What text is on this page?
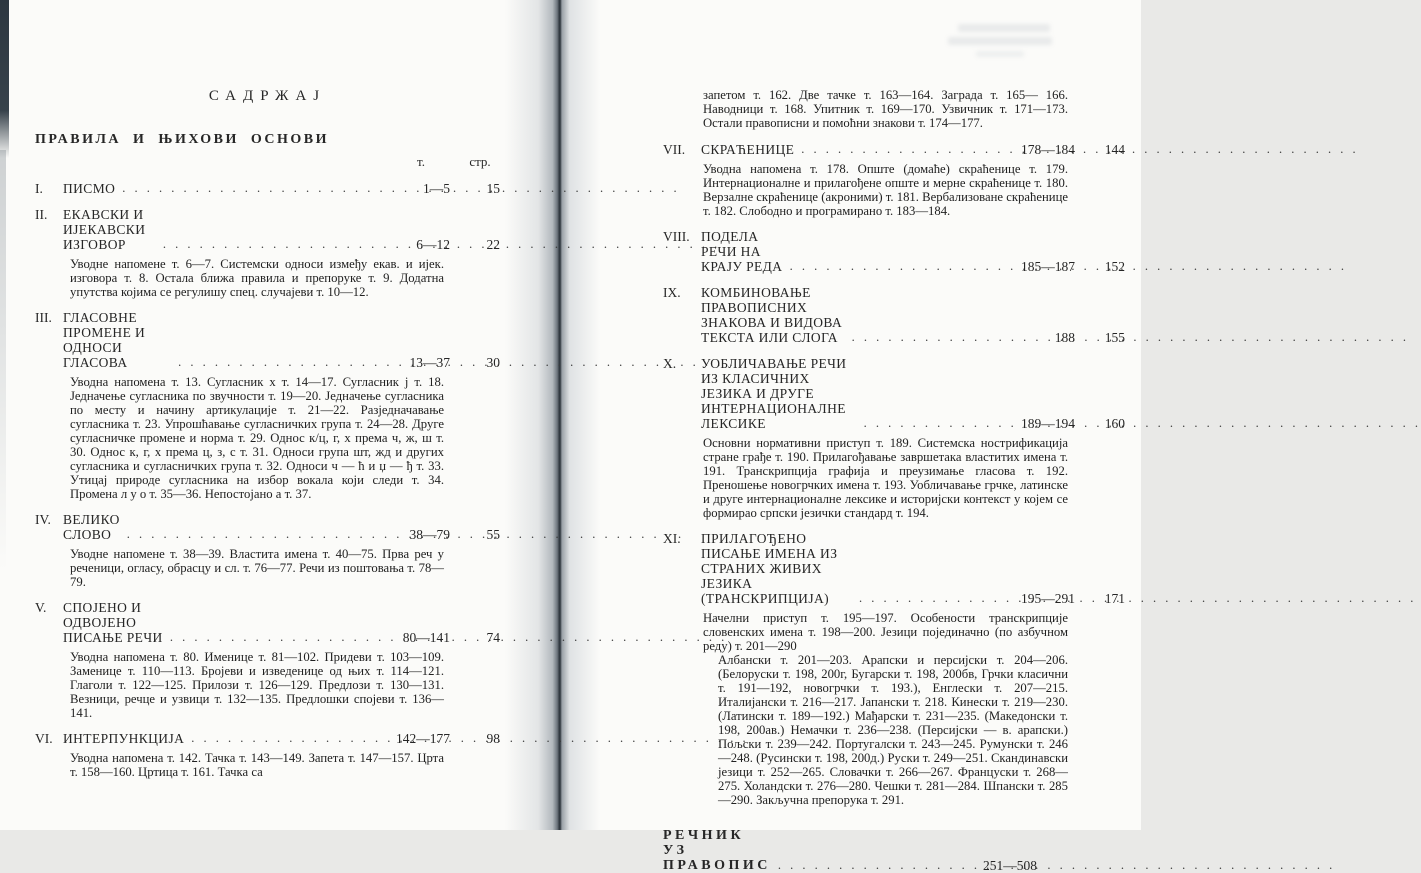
САДРЖАЈ
ПРАВИЛА И ЊИХОВИ ОСНОВИ
т.	стр.
I. ПИСМО . . .	1—5	15
II. ЕКАВСКИ И ИЈЕКАВСКИ ИЗГОВОР . . .	6—12	22

Уводне напомене т. 6—7. Системски односи између екав. и ијек. изговора т. 8. Остала ближа правила и препоруке т. 9. Додатна упутства којима се регулишу спец. случајеви т. 10—12.

III. ГЛАСОВНЕ ПРОМЕНЕ И ОДНОСИ ГЛАСОВА . . .	13—37	30

Уводна напомена т. 13. Сугласник х т. 14—17. Сугласник ј т. 18. Једначење сугласника по звучности т. 19—20. Једначење сугласника по месту и начину артикулације т. 21—22. Разједначавање сугласника т. 23. Упрошћавање сугласничких група т. 24—28. Друге сугласничке промене и норма т. 29. Однос к/ц, г, х према ч, ж, ш т. 30. Однос к, г, х према ц, з, с т. 31. Односи група шт, жд и других сугласника и сугласничких група т. 32. Односи ч — ћ и џ — ђ т. 33. Утицај природе сугласника на избор вокала који следи т. 34. Промена л у о т. 35—36. Непостојано а т. 37.

IV. ВЕЛИКО СЛОВО . . .	38—79	55

Уводне напомене т. 38—39. Властита имена т. 40—75. Прва реч у реченици, огласу, обрасцу и сл. т. 76—77. Речи из поштовања т. 78—79.

V. СПОЈЕНО И ОДВОЈЕНО ПИСАЊЕ РЕЧИ . . .	80—141	74

Уводна напомена т. 80. Именице т. 81—102. Придеви т. 103—109. Заменице т. 110—113. Бројеви и изведенице од њих т. 114—121. Глаголи т. 122—125. Прилози т. 126—129. Предлози т. 130—131. Везници, речце и узвици т. 132—135. Предлошки спојеви т. 136—141.

VI. ИНТЕРПУНКЦИЈА . . .	142—177	98

Уводна напомена т. 142. Тачка т. 143—149. Запета т. 147—157. Црта т. 158—160. Цртица т. 161. Тачка са

запетом т. 162. Две тачке т. 163—164. Заграда т. 165— 166. Наводници т. 168. Упитник т. 169—170. Узвичник т. 171—173. Остали правописни и помоћни знакови т. 174—177.

VII. СКРАЋЕНИЦЕ . . .	178—184	144

Уводна напомена т. 178. Опште (домаће) скраћенице т. 179. Интернационалне и прилагођене опште и мерне скраћенице т. 180. Верзалне скраћенице (акроними) т. 181. Вербализоване скраћенице т. 182. Слободно и програмирано т. 183—184.

VIII. ПОДЕЛА РЕЧИ НА КРАЈУ РЕДА . . .	185—187	152
IX. КОМБИНОВАЊЕ ПРАВОПИСНИХ ЗНАКОВА И ВИДОВА ТЕКСТА ИЛИ СЛОГА . . .	188	155
X. УОБЛИЧАВАЊЕ РЕЧИ ИЗ КЛАСИЧНИХ ЈЕЗИКА И ДРУГЕ ИНТЕРНАЦИОНАЛНЕ ЛЕКСИКЕ . . .	189—194	160

Основни нормативни приступ т. 189. Системска нострификација стране грађе т. 190. Прилагођавање завршетака властитих имена т. 191. Транскрипција графија и преузимање гласова т. 192. Преношење новогрчких имена т. 193. Уобличавање грчке, латинске и друге интернационалне лексике и историјски контекст у којем се формирао српски језички стандард т. 194.

XI. ПРИЛАГОЂЕНО ПИСАЊЕ ИМЕНА ИЗ СТРАНИХ ЖИВИХ ЈЕЗИКА (ТРАНСКРИПЦИЈА) . . .	195—291	171

Начелни приступ т. 195—197. Особености транскрипције словенских имена т. 198—200. Језици појединачно (по азбучном реду) т. 201—290

Албански т. 201—203. Арапски и персијски т. 204—206. (Белоруски т. 198, 200г, Бугарски т. 198, 200бв, Грчки класични т. 191—192, новогрчки т. 193.), Енглески т. 207—215. Италијански т. 216—217. Јапански т. 218. Кинески т. 219—230. (Латински т. 189—192.) Мађарски т. 231—235. (Македонски т. 198, 200ав.) Немачки т. 236—238. (Персијски — в. арапски.) Пољски т. 239—242. Португалски т. 243—245. Румунски т. 246—248. (Русински т. 198, 200д.) Руски т. 249—251. Скандинавски језици т. 252—265. Словачки т. 266—267. Француски т. 268—275. Холандски т. 276—280. Чешки т. 281—284. Шпански т. 285—290. Закључна препорука т. 291.

РЕЧНИК УЗ ПРАВОПИС . . .	251—508
